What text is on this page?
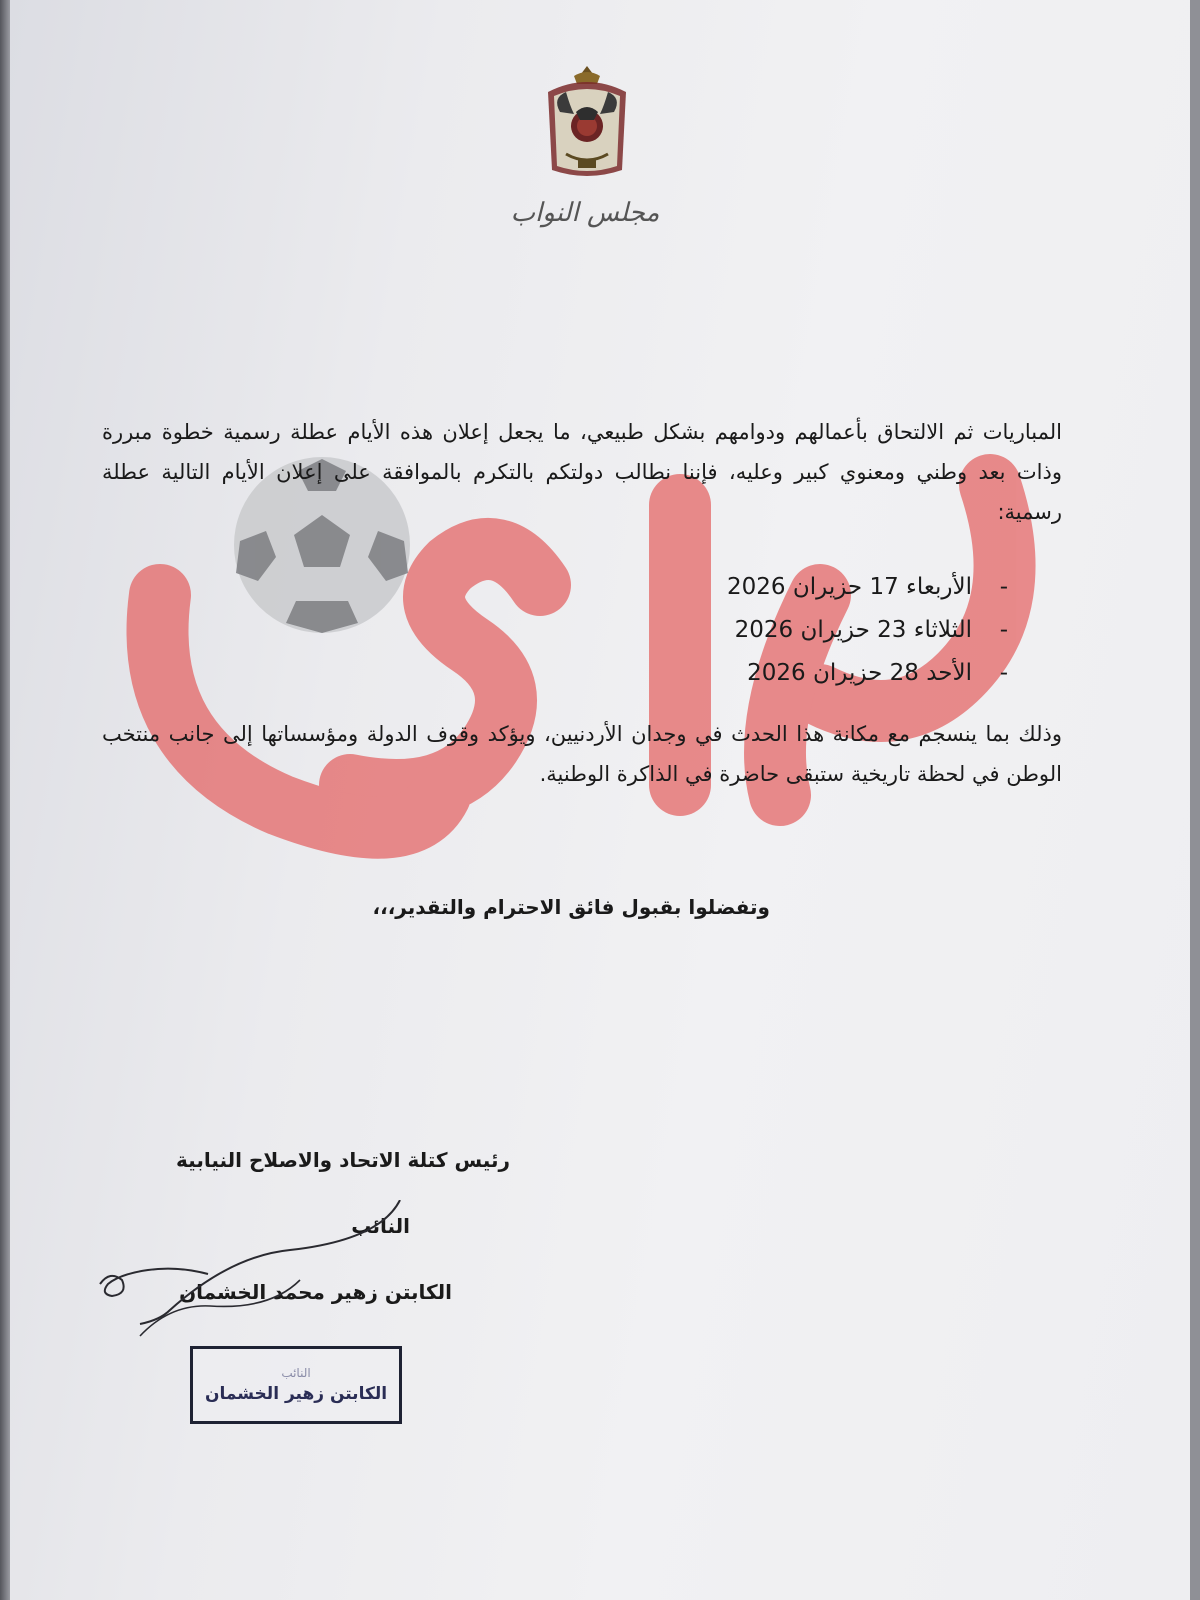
مجلس النواب

المباريات ثم الالتحاق بأعمالهم ودوامهم بشكل طبيعي، ما يجعل إعلان هذه الأيام عطلة رسمية خطوة مبررة وذات بعد وطني ومعنوي كبير وعليه، فإننا نطالب دولتكم بالتكرم بالموافقة على إعلان الأيام التالية عطلة رسمية:

-
الأربعاء 17 حزيران 2026
-
الثلاثاء 23 حزيران 2026
-
الأحد 28 حزيران 2026

وذلك بما ينسجم مع مكانة هذا الحدث في وجدان الأردنيين، ويؤكد وقوف الدولة ومؤسساتها إلى جانب منتخب الوطن في لحظة تاريخية ستبقى حاضرة في الذاكرة الوطنية.

وتفضلوا بقبول فائق الاحترام والتقدير،،،
رئيس كتلة الاتحاد والاصلاح النيابية
النائب
الكابتن زهير محمد الخشمان
النائب
الكابتن زهير الخشمان
